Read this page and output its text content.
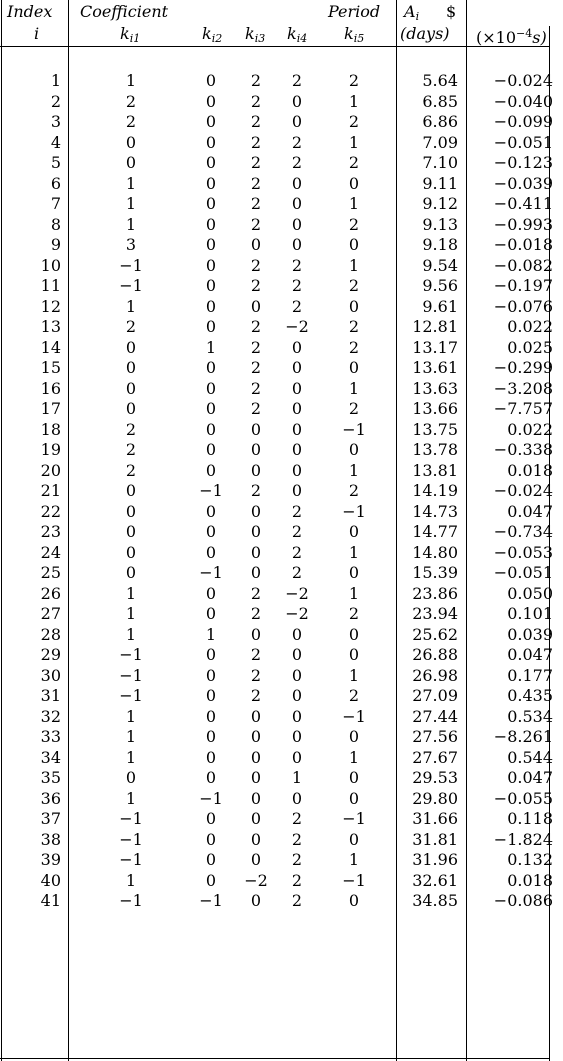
Index Coefficient	Period $A_i$ $
i	$k_{i1}$	$k_{i2}$ $k_{i3}$ $k_{i4}$ $k_{i5}$ (days) $(\times 10^{-4}s)$
1	1	0 2 2	2	5.64 −0.024
2	2	0 2 0	1	6.85 −0.040
3	2	0 2 0	2	6.86 −0.099
4	0	0 2 2	1	7.09 −0.051
5	0	0 2 2	2	7.10 −0.123
6	1	0 2 0	0	9.11 −0.039
7	1	0 2 0	1	9.12 −0.411
8	1	0 2 0	2	9.13 −0.993
9	3	0 0 0	0	9.18 −0.018
10	−1	0 2 2	1	9.54 −0.082
11	−1	0 2 2	2	9.56 −0.197
12	1	0 0 2	0	9.61 −0.076
13	2	0 2 −2	2	12.81	0.022
14	0	1 2 0	2	13.17	0.025
15	0	0 2 0	0	13.61 −0.299
16	0	0 2 0	1	13.63 −3.208
17	0	0 2 0	2	13.66 −7.757
18	2	0 0 0	−1	13.75	0.022
19	2	0 0 0	0	13.78 −0.338
20	2	0 0 0	1	13.81	0.018
21	0	−1 2 0	2	14.19 −0.024
22	0	0 0 2	−1	14.73	0.047
23	0	0 0 2	0	14.77 −0.734
24	0	0 0 2	1	14.80 −0.053
25	0	−1 0 2	0	15.39 −0.051
26	1	0 2 −2	1	23.86	0.050
27	1	0 2 −2	2	23.94	0.101
28	1	1 0 0	0	25.62	0.039
29	−1	0 2 0	0	26.88	0.047
30	−1	0 2 0	1	26.98	0.177
31	−1	0 2 0	2	27.09	0.435
32	1	0 0 0	−1	27.44	0.534
33	1	0 0 0	0	27.56 −8.261
34	1	0 0 0	1	27.67	0.544
35	0	0 0 1	0	29.53	0.047
36	1	−1 0 0	0	29.80 −0.055
37	−1	0 0 2	−1	31.66	0.118
38	−1	0 0 2	0	31.81 −1.824
39	−1	0 0 2	1	31.96	0.132
40	1	0 −2 2	−1	32.61	0.018
41	−1	−1 0 2	0	34.85 −0.086
